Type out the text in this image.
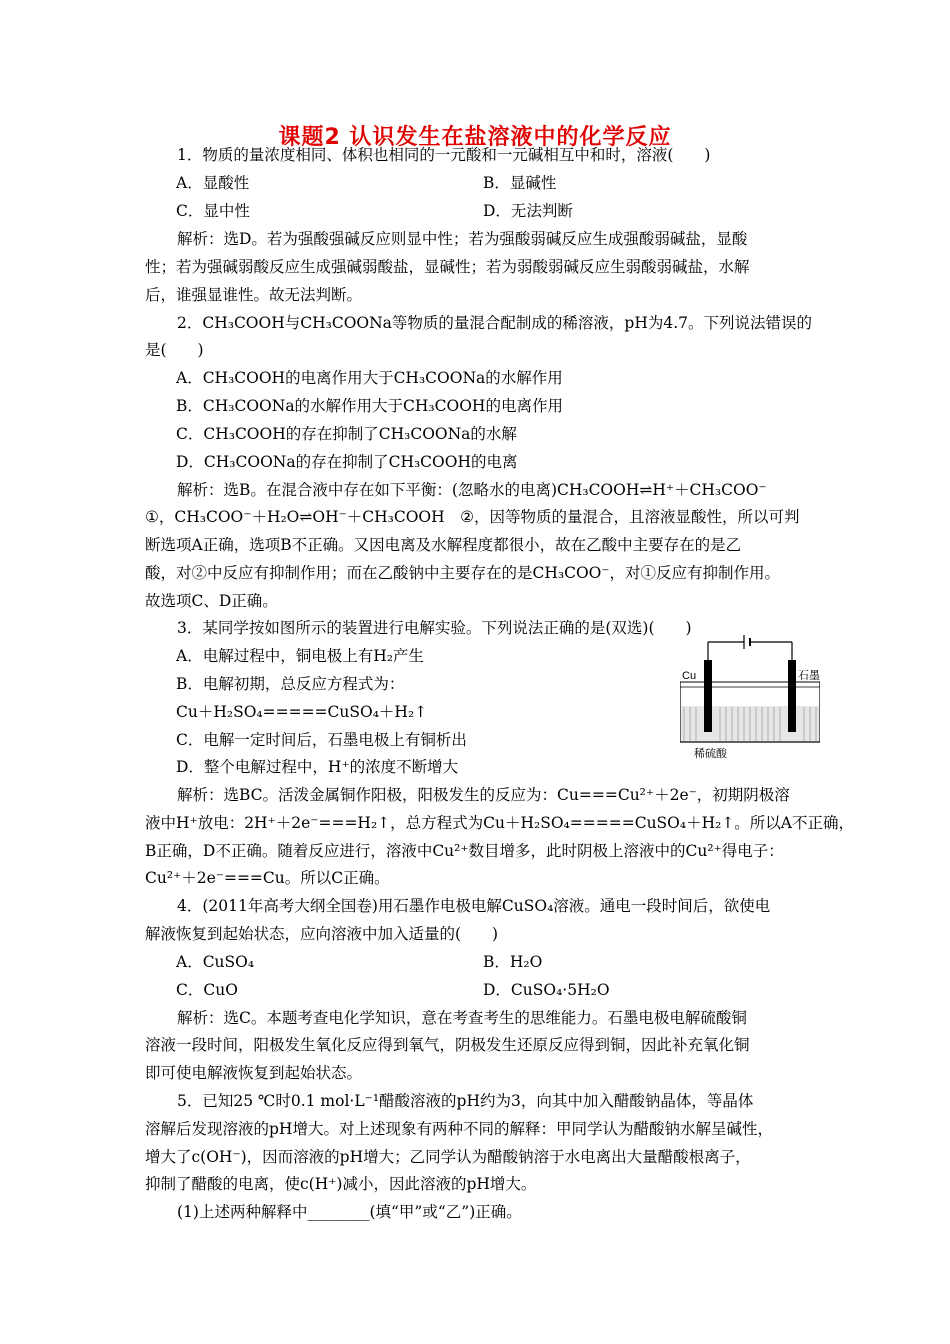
课题2 认识发生在盐溶液中的化学反应
1．物质的量浓度相同、体积也相同的一元酸和一元碱相互中和时，溶液(　　)
A．显酸性	B．显碱性
C．显中性	D．无法判断
解析：选D。若为强酸强碱反应则显中性；若为强酸弱碱反应生成强酸弱碱盐，显酸
性；若为强碱弱酸反应生成强碱弱酸盐，显碱性；若为弱酸弱碱反应生弱酸弱碱盐，水解
后，谁强显谁性。故无法判断。
2．CH₃COOH与CH₃COONa等物质的量混合配制成的稀溶液，pH为4.7。下列说法错误的
是(　　)
A．CH₃COOH的电离作用大于CH₃COONa的水解作用
B．CH₃COONa的水解作用大于CH₃COOH的电离作用
C．CH₃COOH的存在抑制了CH₃COONa的水解
D．CH₃COONa的存在抑制了CH₃COOH的电离
解析：选B。在混合液中存在如下平衡：(忽略水的电离)CH₃COOH⇌H⁺＋CH₃COO⁻
①，CH₃COO⁻＋H₂O⇌OH⁻＋CH₃COOH　②，因等物质的量混合，且溶液显酸性，所以可判
断选项A正确，选项B不正确。又因电离及水解程度都很小，故在乙酸中主要存在的是乙
酸，对②中反应有抑制作用；而在乙酸钠中主要存在的是CH₃COO⁻，对①反应有抑制作用。
故选项C、D正确。
3．某同学按如图所示的装置进行电解实验。下列说法正确的是(双选)(　　)
A．电解过程中，铜电极上有H₂产生
B．电解初期，总反应方程式为：
Cu＋H₂SO₄=====CuSO₄＋H₂↑
C．电解一定时间后，石墨电极上有铜析出
D．整个电解过程中，H⁺的浓度不断增大
Cu	石墨
稀硫酸
解析：选BC。活泼金属铜作阳极，阳极发生的反应为：Cu===Cu²⁺＋2e⁻，初期阴极溶
液中H⁺放电：2H⁺＋2e⁻===H₂↑，总方程式为Cu＋H₂SO₄=====CuSO₄＋H₂↑。所以A不正确，
B正确，D不正确。随着反应进行，溶液中Cu²⁺数目增多，此时阴极上溶液中的Cu²⁺得电子：
Cu²⁺＋2e⁻===Cu。所以C正确。
4．(2011年高考大纲全国卷)用石墨作电极电解CuSO₄溶液。通电一段时间后，欲使电
解液恢复到起始状态，应向溶液中加入适量的(　　)
A．CuSO₄	B．H₂O
C．CuO	D．CuSO₄·5H₂O
解析：选C。本题考查电化学知识，意在考查考生的思维能力。石墨电极电解硫酸铜
溶液一段时间，阳极发生氧化反应得到氧气，阴极发生还原反应得到铜，因此补充氧化铜
即可使电解液恢复到起始状态。
5．已知25 ℃时0.1 mol·L⁻¹醋酸溶液的pH约为3，向其中加入醋酸钠晶体，等晶体
溶解后发现溶液的pH增大。对上述现象有两种不同的解释：甲同学认为醋酸钠水解呈碱性，
增大了c(OH⁻)，因而溶液的pH增大；乙同学认为醋酸钠溶于水电离出大量醋酸根离子，
抑制了醋酸的电离，使c(H⁺)减小，因此溶液的pH增大。
(1)上述两种解释中________(填“甲”或“乙”)正确。
